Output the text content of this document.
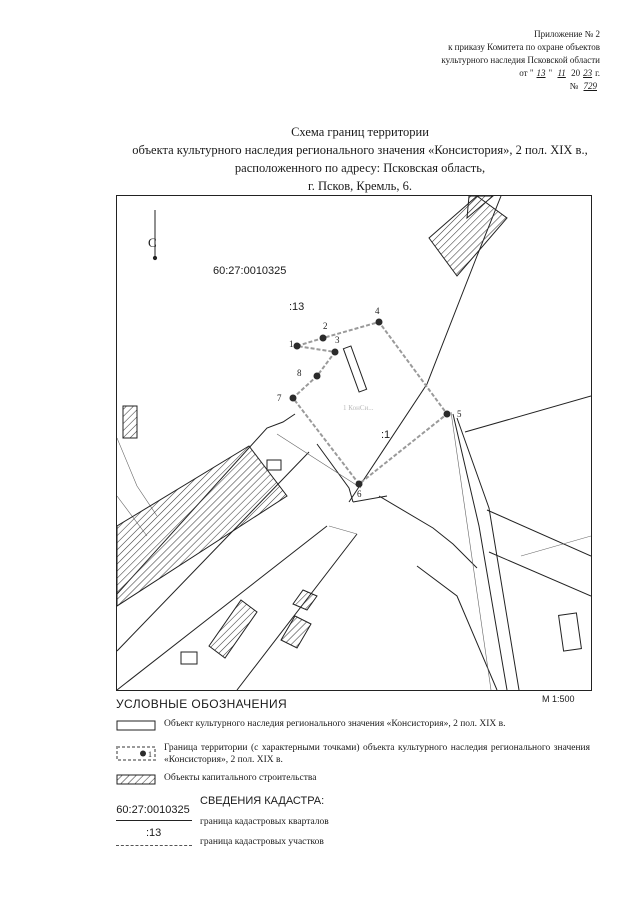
Приложение № 2
к приказу Комитета по охране объектов
культурного наследия Псковской области
от " 13 " 11 20 23 г.
№ 729
Схема границ территории
объекта культурного наследия регионального значения «Консистория», 2 пол. XIX в.,
расположенного по адресу: Псковская область,
г. Псков, Кремль, 6.
1
2
3
4
5
6
7
8
60:27:0010325
:13
:1
1 КонСи...
С
М 1:500
УСЛОВНЫЕ ОБОЗНАЧЕНИЯ
Объект культурного наследия регионального значения «Консистория», 2 пол. XIX в.
1
Граница территории (с характерными точками) объекта культурного наследия регионального значения «Консистория», 2 пол. XIX в.
Объекты капитального строительства
СВЕДЕНИЯ КАДАСТРА:
60:27:0010325
граница кадастровых кварталов
:13
граница кадастровых участков
